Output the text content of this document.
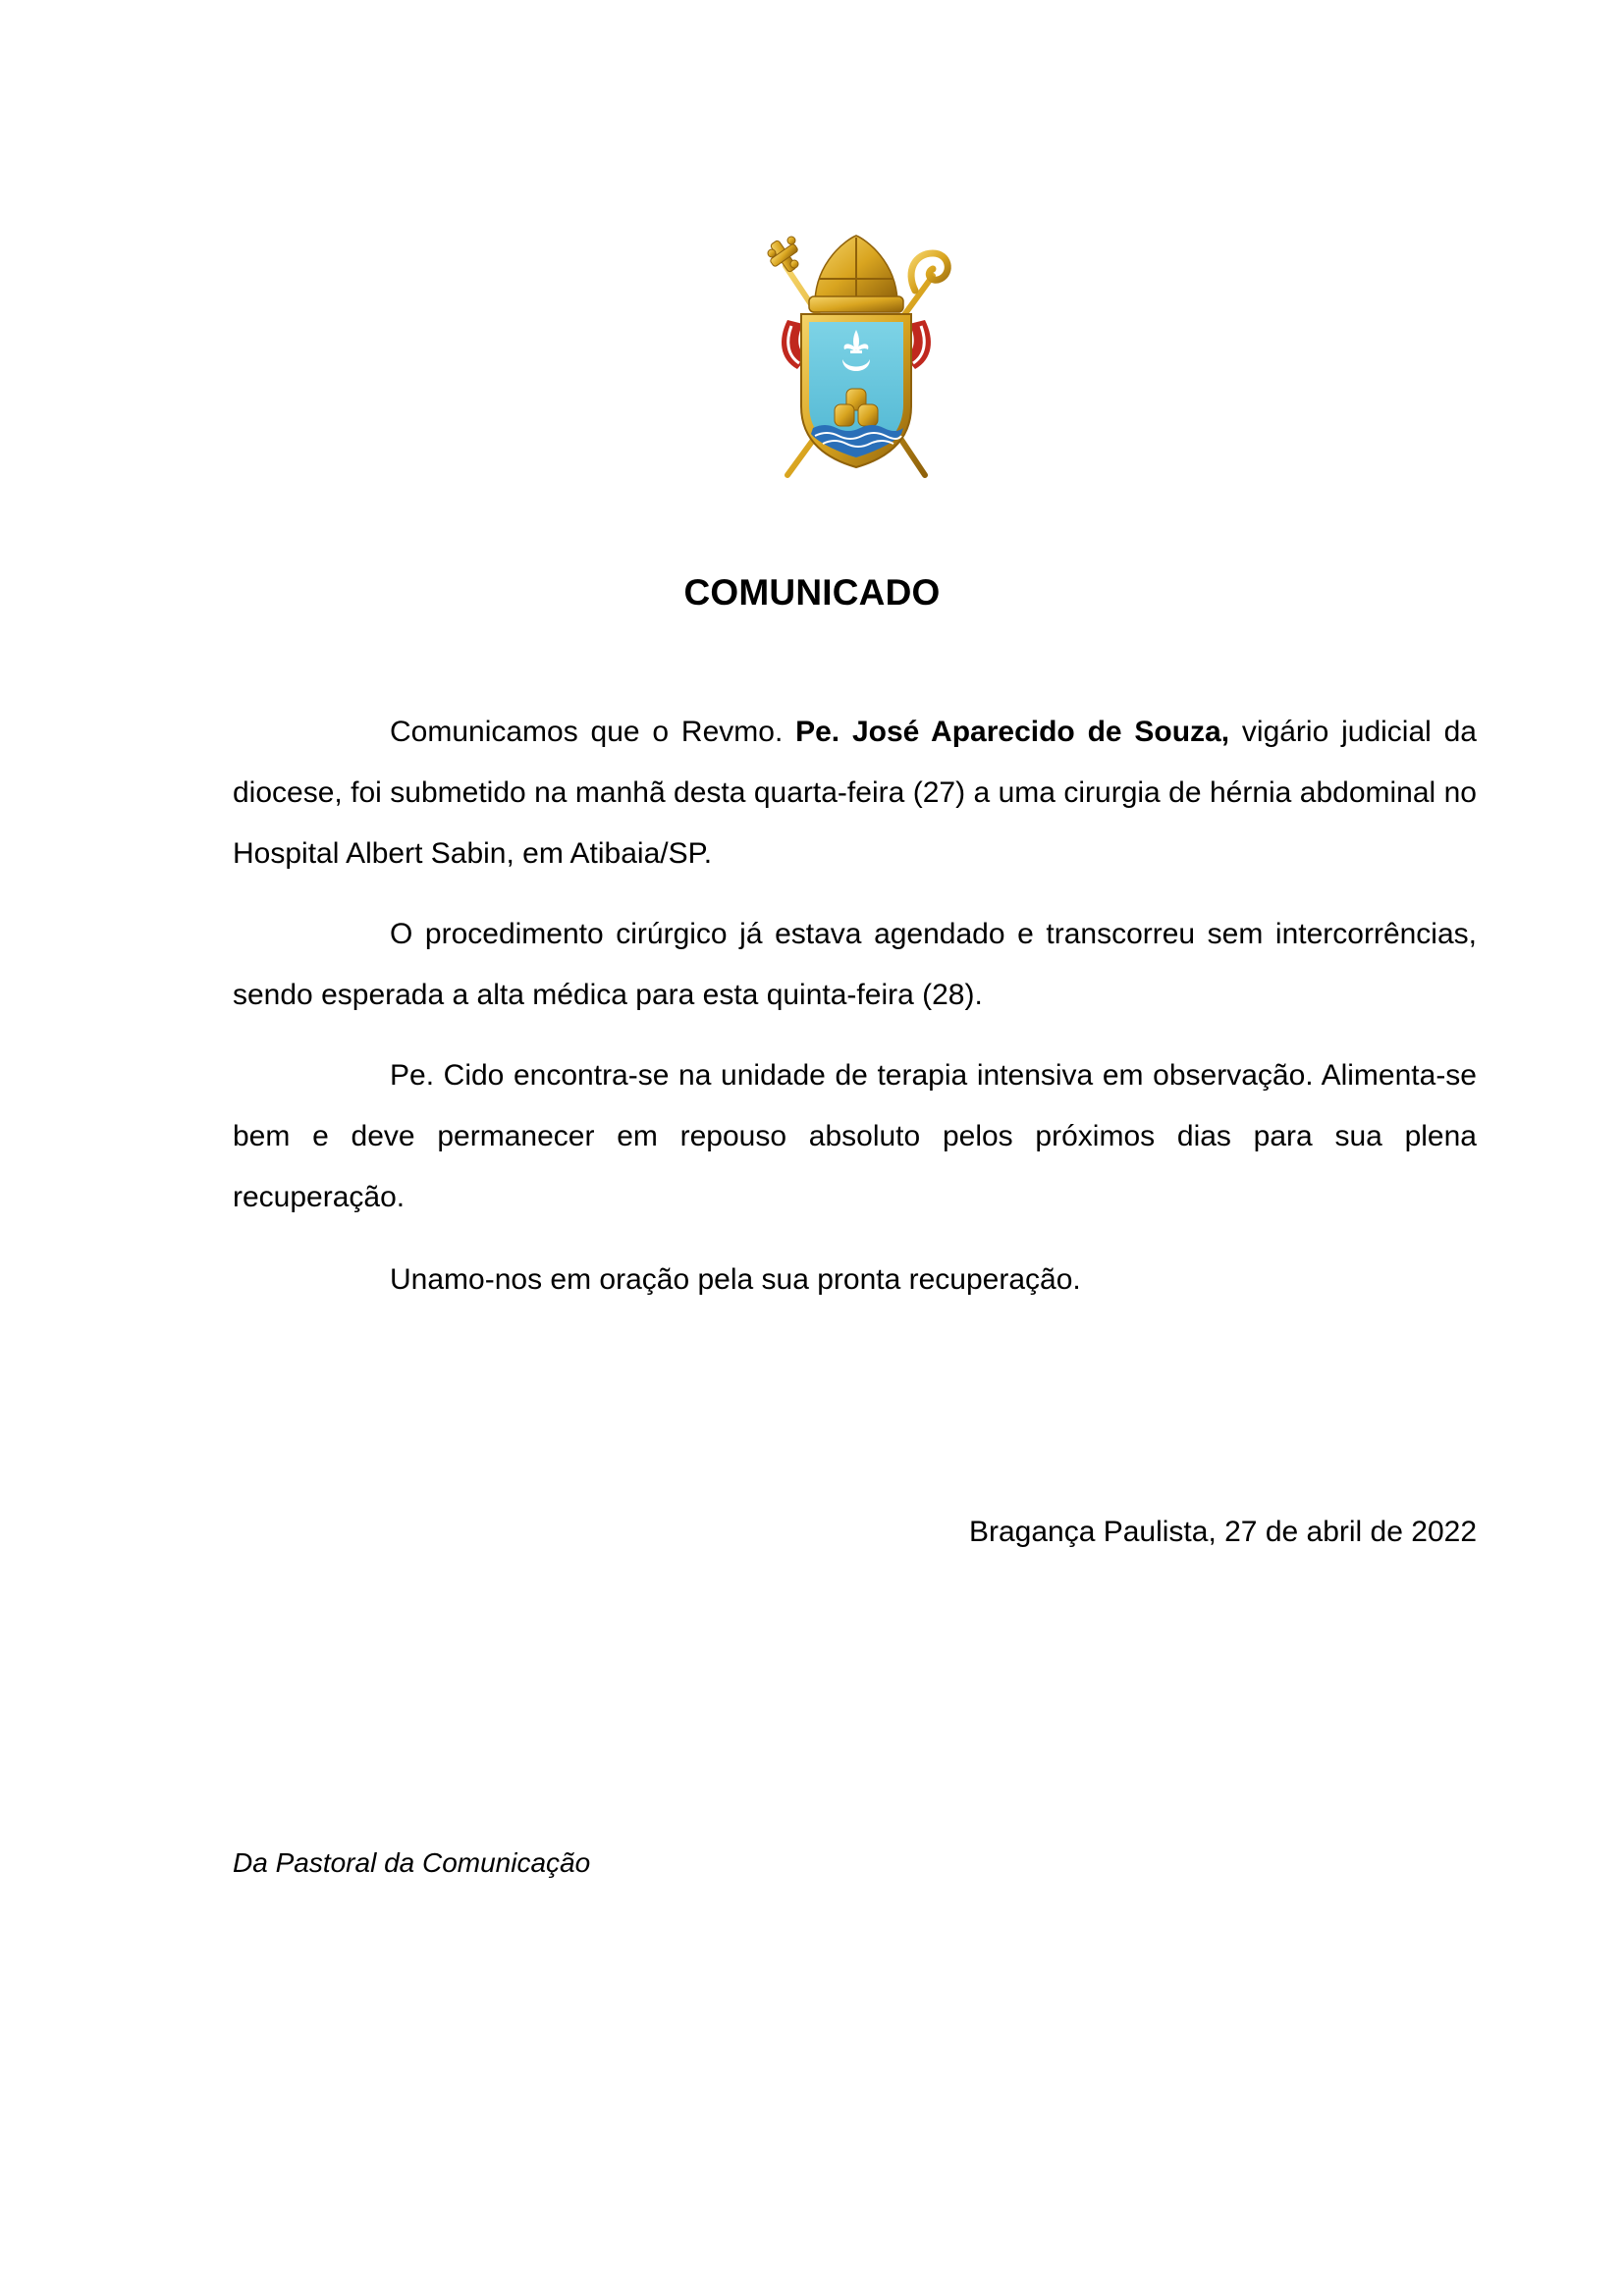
COMUNICADO

Comunicamos que o Revmo. Pe. José Aparecido de Souza, vigário judicial da diocese, foi submetido na manhã desta quarta-feira (27) a uma cirurgia de hérnia abdominal no Hospital Albert Sabin, em Atibaia/SP.

O procedimento cirúrgico já estava agendado e transcorreu sem intercorrências, sendo esperada a alta médica para esta quinta-feira (28).

Pe. Cido encontra-se na unidade de terapia intensiva em observação. Alimenta-se bem e deve permanecer em repouso absoluto pelos próximos dias para sua plena recuperação.

Unamo-nos em oração pela sua pronta recuperação.

Bragança Paulista, 27 de abril de 2022
Da Pastoral da Comunicação
